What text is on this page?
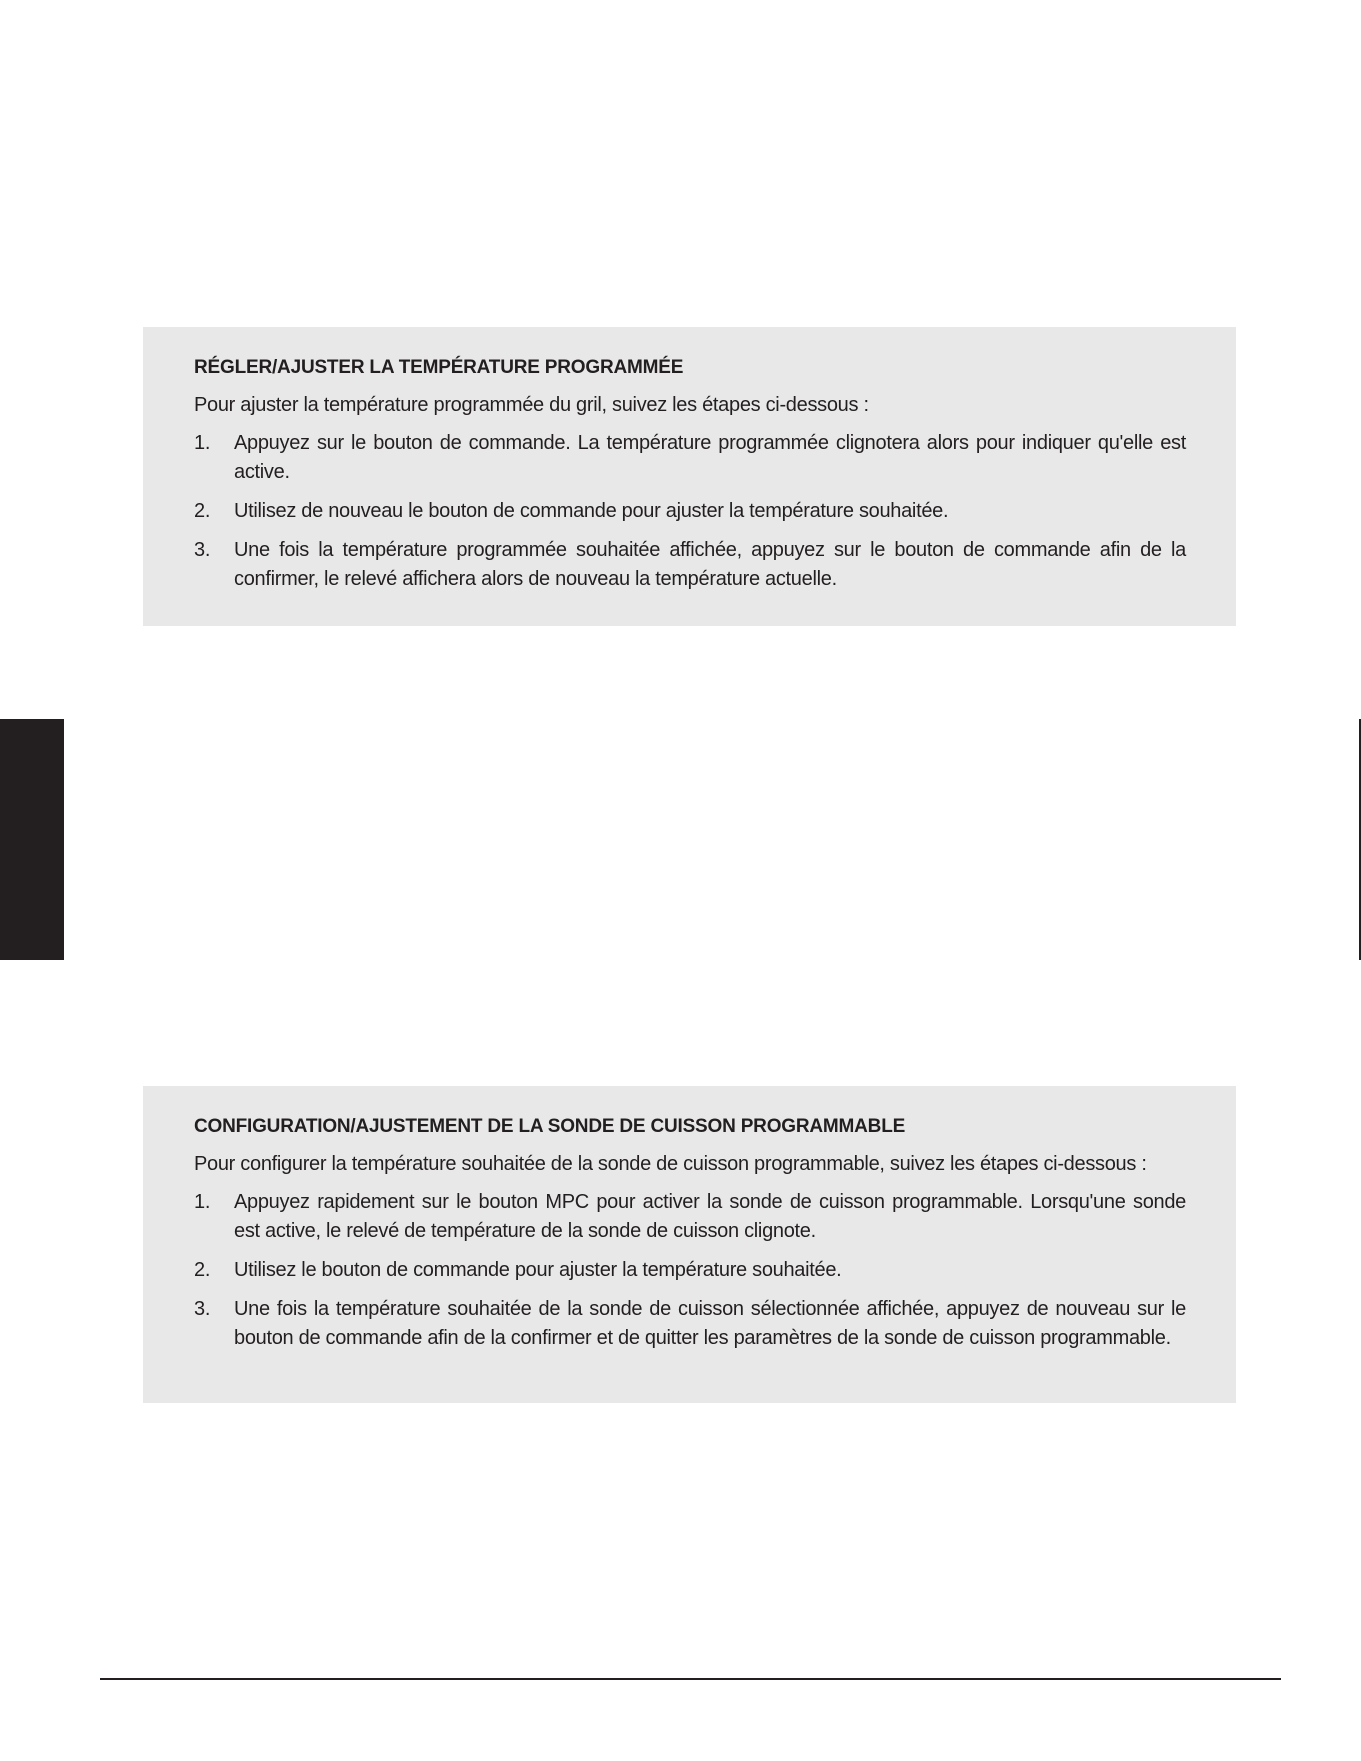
RÉGLER/AJUSTER LA TEMPÉRATURE PROGRAMMÉE

Pour ajuster la température programmée du gril, suivez les étapes ci-dessous :

1.	Appuyez sur le bouton de commande. La température programmée clignotera alors pour indiquer qu'elle est active.
2.	Utilisez de nouveau le bouton de commande pour ajuster la température souhaitée.
3.	Une fois la température programmée souhaitée affichée, appuyez sur le bouton de commande afin de la confirmer, le relevé affichera alors de nouveau la température actuelle.
CONFIGURATION/AJUSTEMENT DE LA SONDE DE CUISSON PROGRAMMABLE

Pour configurer la température souhaitée de la sonde de cuisson programmable, suivez les étapes ci-dessous :

1.	Appuyez rapidement sur le bouton MPC pour activer la sonde de cuisson programmable. Lorsqu'une sonde est active, le relevé de température de la sonde de cuisson clignote.
2.	Utilisez le bouton de commande pour ajuster la température souhaitée.
3.	Une fois la température souhaitée de la sonde de cuisson sélectionnée affichée, appuyez de nouveau sur le bouton de commande afin de la confirmer et de quitter les paramètres de la sonde de cuisson programmable.
